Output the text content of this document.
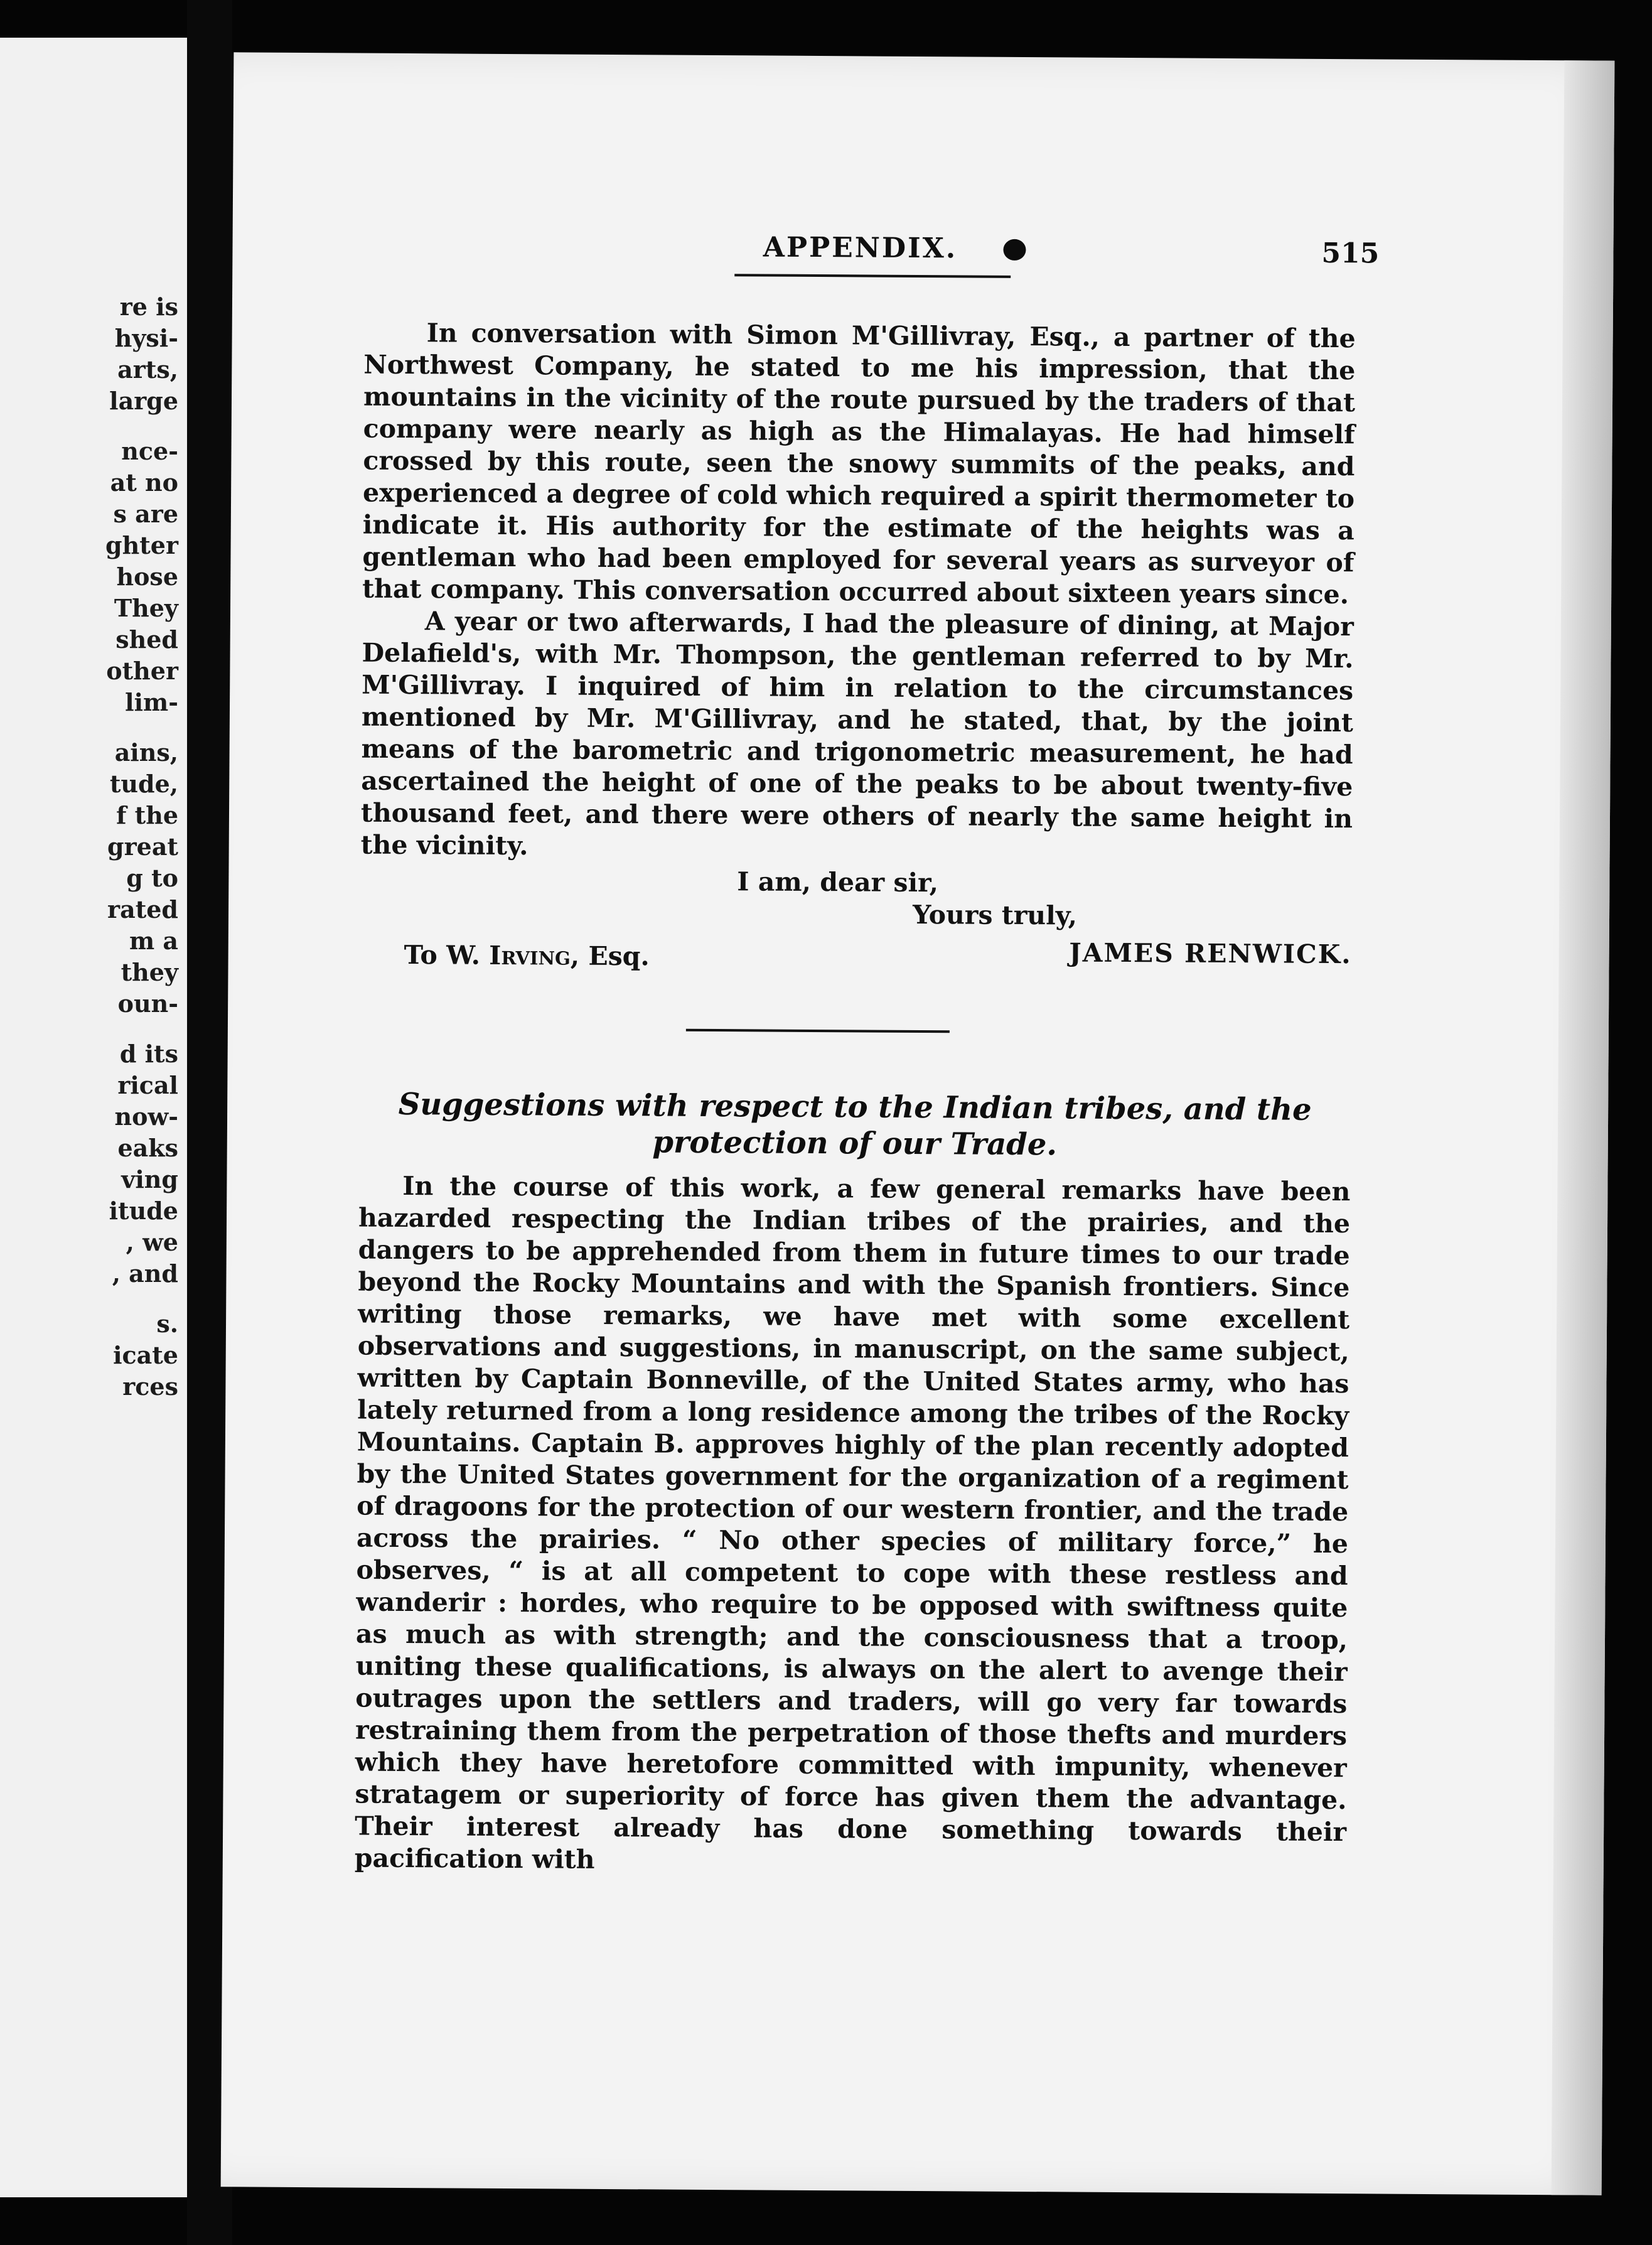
re is
hysi-
arts,
large
nce-
at no
s are
ghter
hose
They
shed
other
lim-
ains,
tude,
f the
great
g to
rated
m a
they
oun-
d its
rical
now-
eaks
ving
itude
, we
, and
s.
icate
rces
APPENDIX.	515

In conversation with Simon M'Gillivray, Esq., a partner of the Northwest Company, he stated to me his impression, that the mountains in the vicinity of the route pursued by the traders of that company were nearly as high as the Himalayas. He had himself crossed by this route, seen the snowy summits of the peaks, and experienced a degree of cold which required a spirit thermometer to indicate it. His authority for the estimate of the heights was a gentleman who had been employed for several years as surveyor of that company. This conversation occurred about sixteen years since.

A year or two afterwards, I had the pleasure of dining, at Major Delafield's, with Mr. Thompson, the gentleman referred to by Mr. M'Gillivray. I inquired of him in relation to the circumstances mentioned by Mr. M'Gillivray, and he stated, that, by the joint means of the barometric and trigonometric measurement, he had ascertained the height of one of the peaks to be about twenty-five thousand feet, and there were others of nearly the same height in the vicinity.

I am, dear sir,
Yours truly,
To W. Irving, Esq.	JAMES RENWICK.
Suggestions with respect to the Indian tribes, and the protection of our Trade.

In the course of this work, a few general remarks have been hazarded respecting the Indian tribes of the prairies, and the dangers to be apprehended from them in future times to our trade beyond the Rocky Mountains and with the Spanish frontiers. Since writing those remarks, we have met with some excellent observations and suggestions, in manuscript, on the same subject, written by Captain Bonneville, of the United States army, who has lately returned from a long residence among the tribes of the Rocky Mountains. Captain B. approves highly of the plan recently adopted by the United States government for the organization of a regiment of dragoons for the protection of our western frontier, and the trade across the prairies. “ No other species of military force,” he observes, “ is at all competent to cope with these restless and wanderir : hordes, who require to be opposed with swiftness quite as much as with strength; and the consciousness that a troop, uniting these qualifications, is always on the alert to avenge their outrages upon the settlers and traders, will go very far towards restraining them from the perpetration of those thefts and murders which they have heretofore committed with impunity, whenever stratagem or superiority of force has given them the advantage. Their interest already has done something towards their pacification with
